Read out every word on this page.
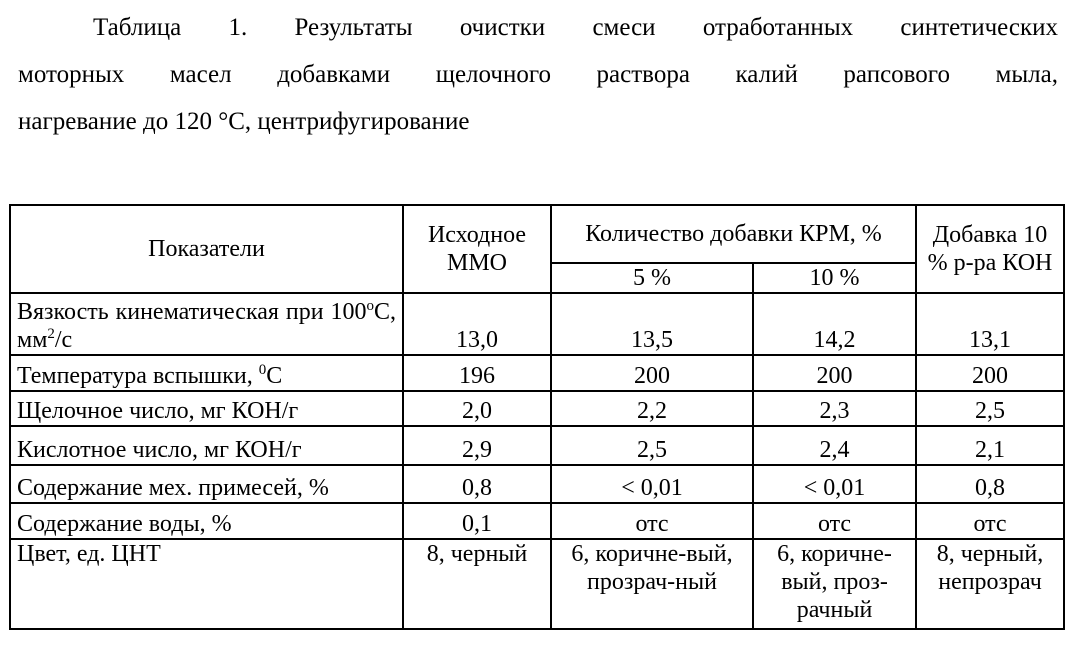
Таблица 1. Результаты очистки смеси отработанных синтетических
моторных масел добавками щелочного раствора калий рапсового мыла,
нагревание до 120 °С, центрифугирование
Показатели	Исходное ММО	Количество добавки КРМ, %		Добавка 10 % р-ра КОН
		5 %	10 %	
Вязкость кинематическая при $100^оС$, $мм^2/с$	13,0	13,5	14,2	13,1
Температура вспышки, $^0$С	196	200	200	200
Щелочное число, мг КОН/г	2,0	2,2	2,3	2,5
Кислотное число, мг КОН/г	2,9	2,5	2,4	2,1
Содержание мех. примесей, %	0,8	< 0,01	< 0,01	0,8
Содержание воды, %	0,1	отс	отс	отс
Цвет, ед. ЦНТ	8, черный	6, коричне-вый, прозрач-ный	6, коричне-вый, проз-рачный	8, черный, непрозрач
